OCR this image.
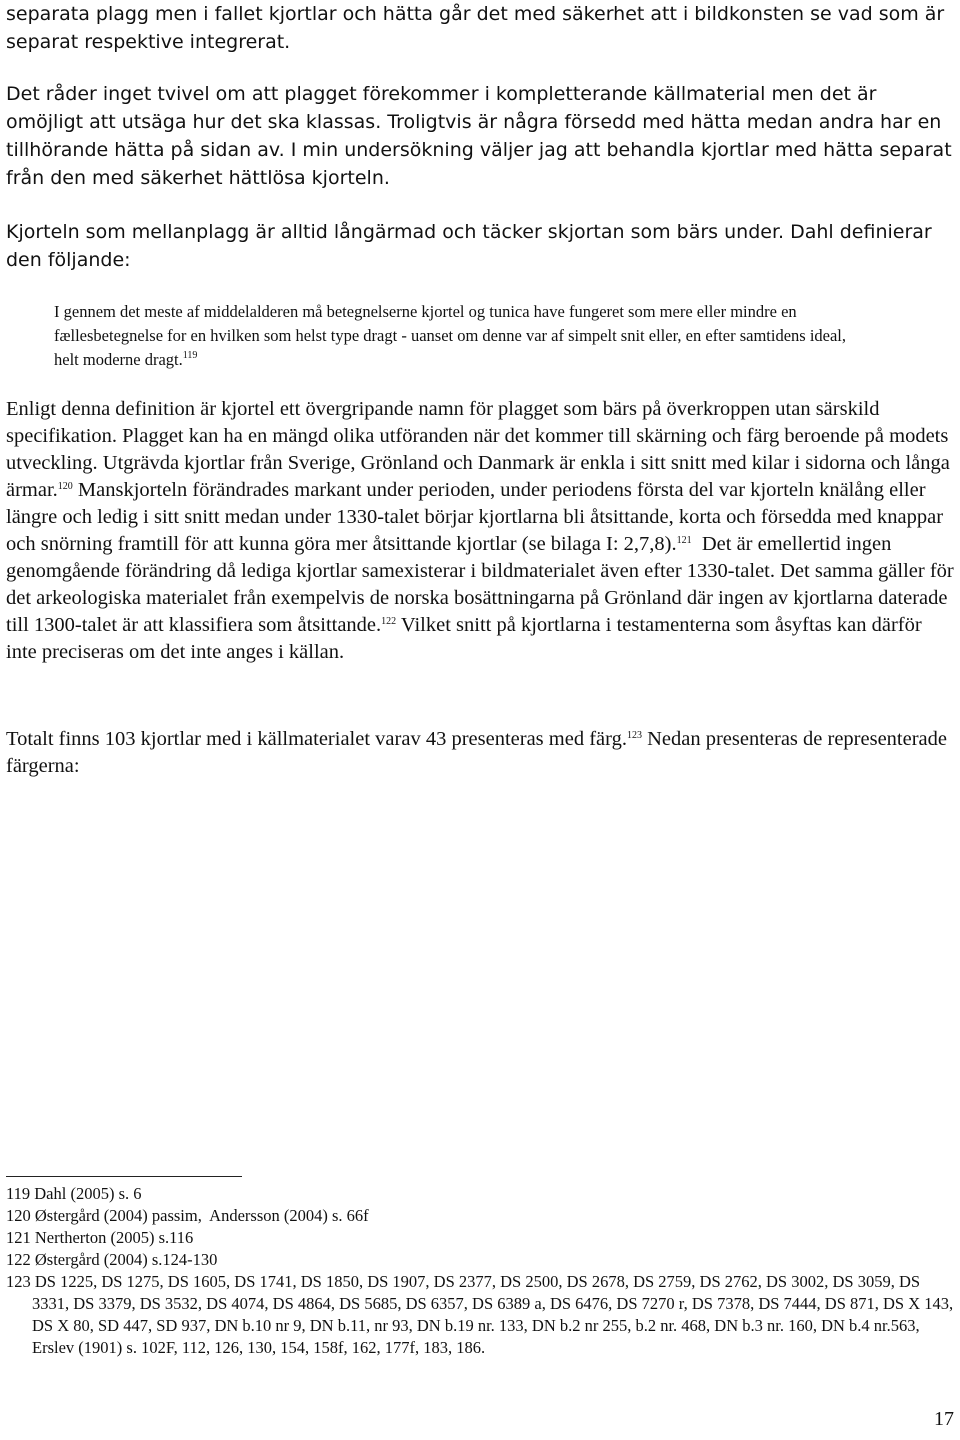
separata plagg men i fallet kjortlar och hätta går det med säkerhet att i bildkonsten se vad som är separat respektive integrerat.

Det råder inget tvivel om att plagget förekommer i kompletterande källmaterial men det är omöjligt att utsäga hur det ska klassas. Troligtvis är några försedd med hätta medan andra har en tillhörande hätta på sidan av. I min undersökning väljer jag att behandla kjortlar med hätta separat från den med säkerhet hättlösa kjorteln.

Kjorteln som mellanplagg är alltid långärmad och täcker skjortan som bärs under. Dahl definierar den följande:

I gennem det meste af middelalderen må betegnelserne kjortel og tunica have fungeret som mere eller mindre en fællesbetegnelse for en hvilken som helst type dragt - uanset om denne var af simpelt snit eller, en efter samtidens ideal, helt moderne dragt.$^{119}$

Enligt denna definition är kjortel ett övergripande namn för plagget som bärs på överkroppen utan särskild specifikation. Plagget kan ha en mängd olika utföranden när det kommer till skärning och färg beroende på modets utveckling. Utgrävda kjortlar från Sverige, Grönland och Danmark är enkla i sitt snitt med kilar i sidorna och långa ärmar.$^{120}$ Manskjorteln förändrades markant under perioden, under periodens första del var kjorteln knälång eller längre och ledig i sitt snitt medan under 1330-talet börjar kjortlarna bli åtsittande, korta och försedda med knappar och snörning framtill för att kunna göra mer åtsittande kjortlar (se bilaga I: 2,7,8).$^{121}$  Det är emellertid ingen genomgående förändring då lediga kjortlar samexisterar i bildmaterialet även efter 1330-talet. Det samma gäller för det arkeologiska materialet från exempelvis de norska bosättningarna på Grönland där ingen av kjortlarna daterade till 1300-talet är att klassifiera som åtsittande.$^{122}$ Vilket snitt på kjortlarna i testamenterna som åsyftas kan därför inte preciseras om det inte anges i källan.

Totalt finns 103 kjortlar med i källmaterialet varav 43 presenteras med färg.$^{123}$ Nedan presenteras de representerade färgerna:

119 Dahl (2005) s. 6
120 Østergård (2004) passim,  Andersson (2004) s. 66f
121 Nertherton (2005) s.116
122 Østergård (2004) s.124-130
123 DS 1225, DS 1275, DS 1605, DS 1741, DS 1850, DS 1907, DS 2377, DS 2500, DS 2678, DS 2759, DS 2762, DS 3002, DS 3059, DS 3331, DS 3379, DS 3532, DS 4074, DS 4864, DS 5685, DS 6357, DS 6389 a, DS 6476, DS 7270 r, DS 7378, DS 7444, DS 871, DS X 143, DS X 80, SD 447, SD 937, DN b.10 nr 9, DN b.11, nr 93, DN b.19 nr. 133, DN b.2 nr 255, b.2 nr. 468, DN b.3 nr. 160, DN b.4 nr.563, Erslev (1901) s. 102F, 112, 126, 130, 154, 158f, 162, 177f, 183, 186.
17
